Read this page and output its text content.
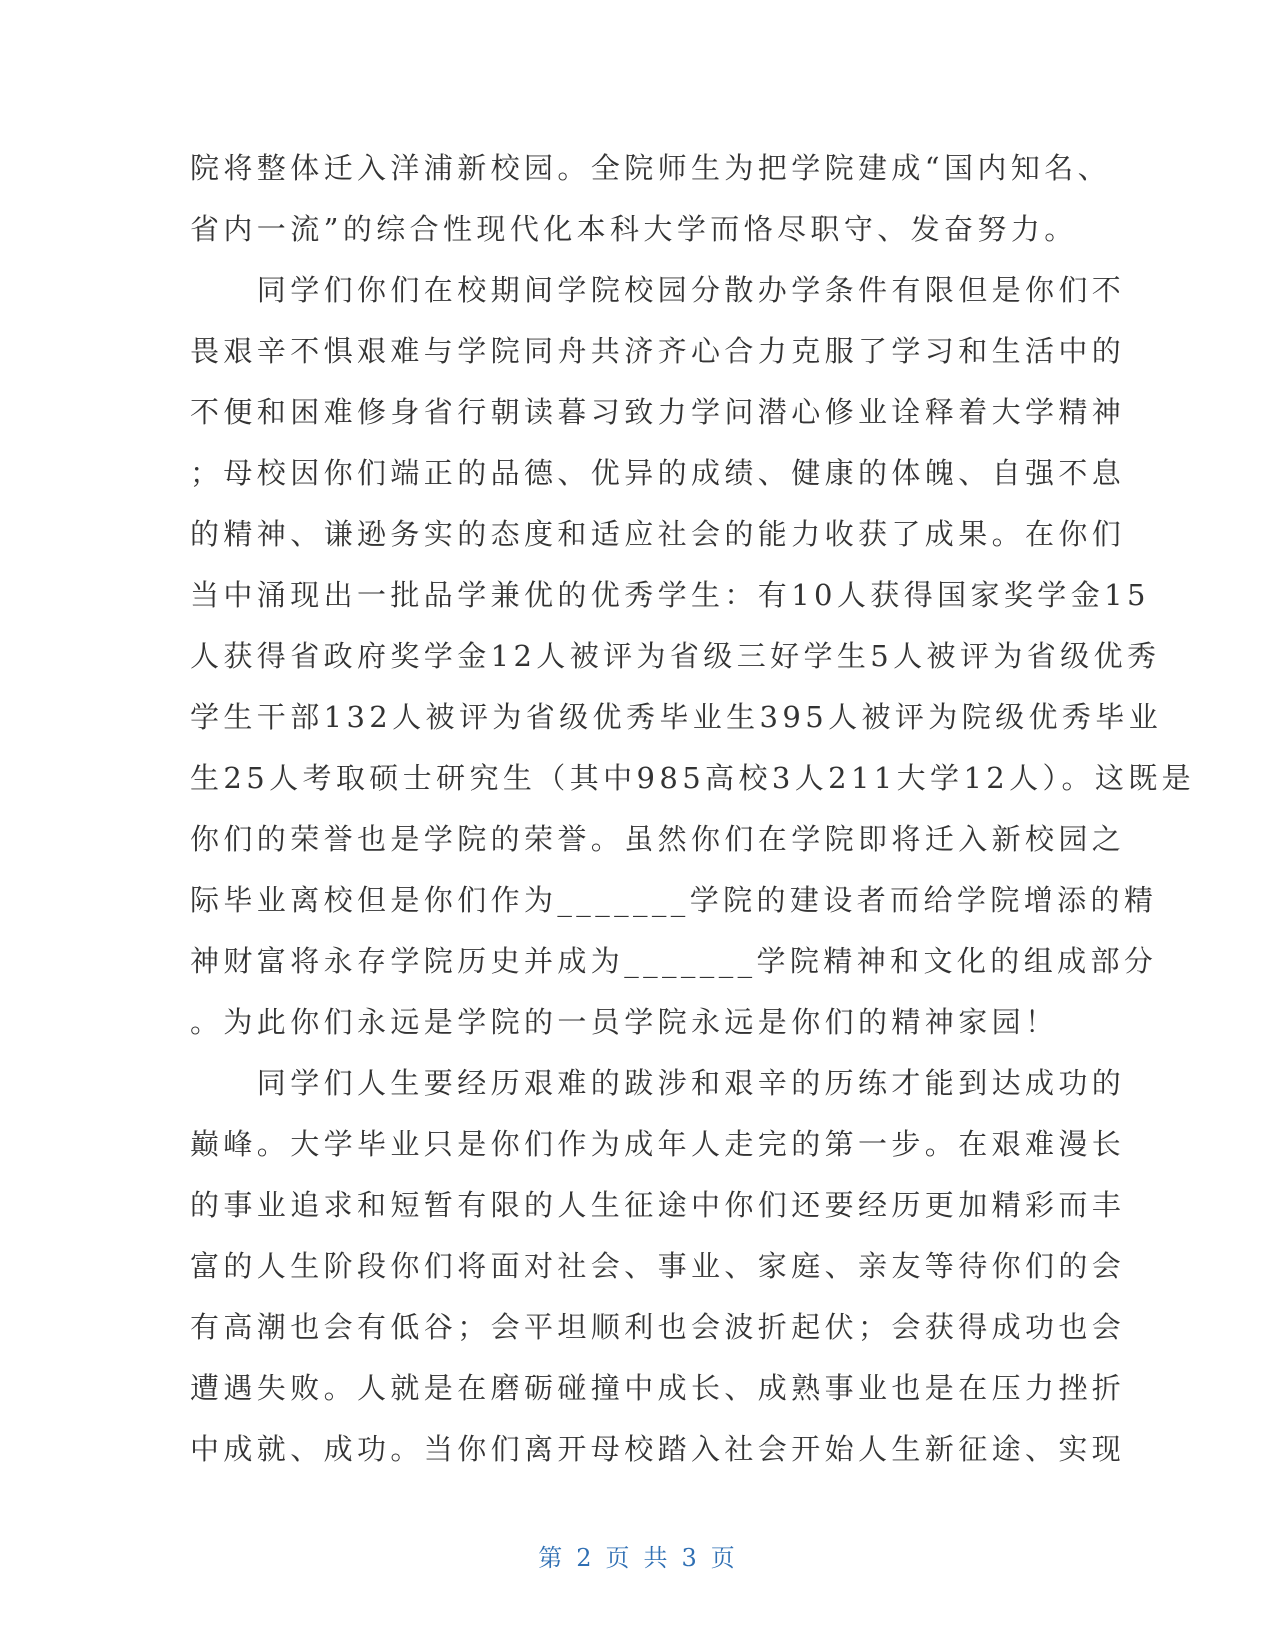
院将整体迁入洋浦新校园。全院师生为把学院建成“国内知名、
省内一流”的综合性现代化本科大学而恪尽职守、发奋努力。
　　同学们你们在校期间学院校园分散办学条件有限但是你们不
畏艰辛不惧艰难与学院同舟共济齐心合力克服了学习和生活中的
不便和困难修身省行朝读暮习致力学问潜心修业诠释着大学精神
；母校因你们端正的品德、优异的成绩、健康的体魄、自强不息
的精神、谦逊务实的态度和适应社会的能力收获了成果。在你们
当中涌现出一批品学兼优的优秀学生：有10人获得国家奖学金15
人获得省政府奖学金12人被评为省级三好学生5人被评为省级优秀
学生干部132人被评为省级优秀毕业生395人被评为院级优秀毕业
生25人考取硕士研究生（其中985高校3人211大学12人）。这既是
你们的荣誉也是学院的荣誉。虽然你们在学院即将迁入新校园之
际毕业离校但是你们作为_______学院的建设者而给学院增添的精
神财富将永存学院历史并成为_______学院精神和文化的组成部分
。为此你们永远是学院的一员学院永远是你们的精神家园！
　　同学们人生要经历艰难的跋涉和艰辛的历练才能到达成功的
巅峰。大学毕业只是你们作为成年人走完的第一步。在艰难漫长
的事业追求和短暂有限的人生征途中你们还要经历更加精彩而丰
富的人生阶段你们将面对社会、事业、家庭、亲友等待你们的会
有高潮也会有低谷；会平坦顺利也会波折起伏；会获得成功也会
遭遇失败。人就是在磨砺碰撞中成长、成熟事业也是在压力挫折
中成就、成功。当你们离开母校踏入社会开始人生新征途、实现
第 2 页 共 3 页
